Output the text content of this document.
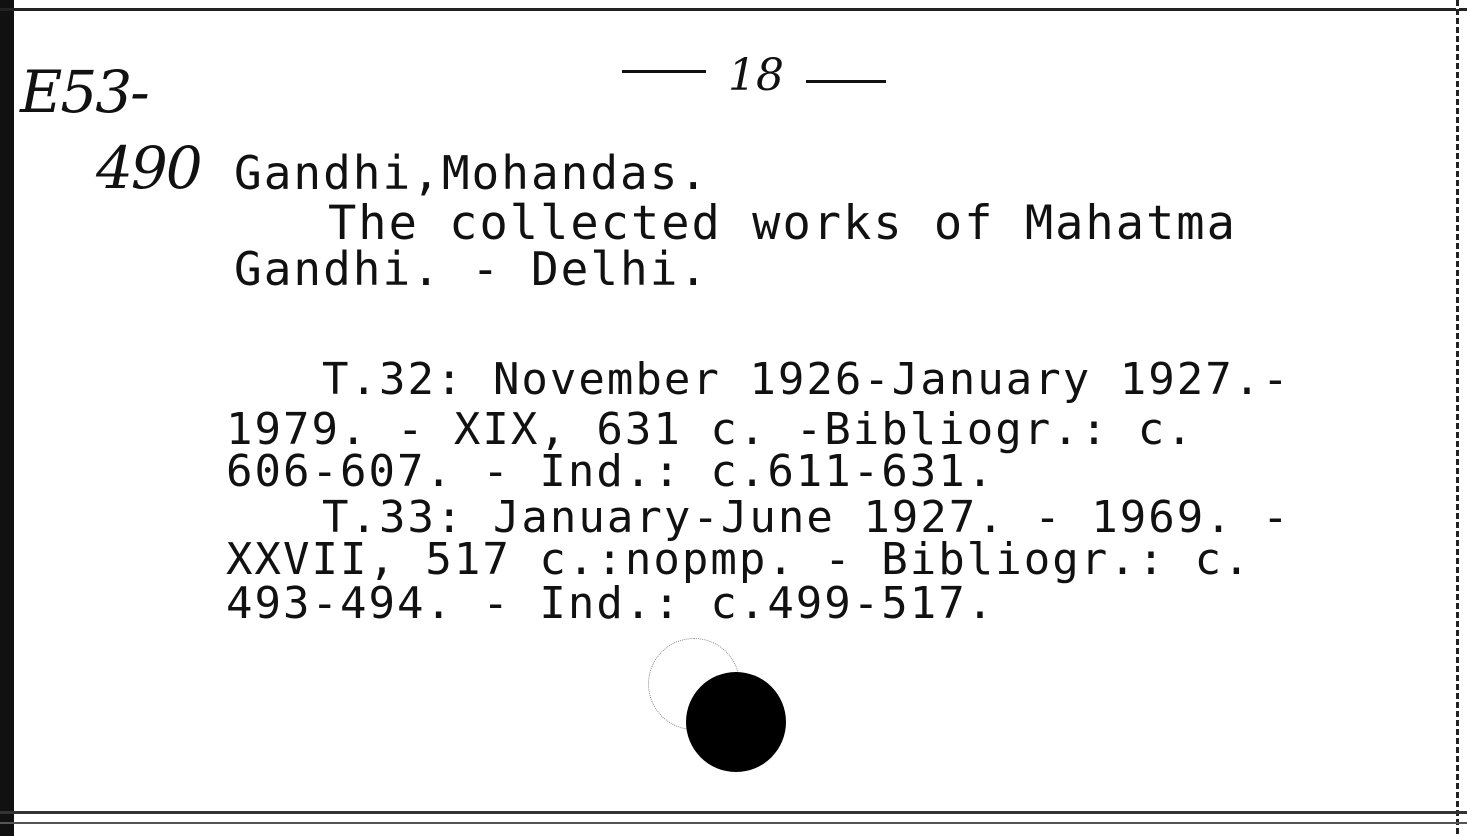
E53-
490
18
Gandhi,Mohandas.
The collected works of Mahatma
Gandhi. - Delhi.
T.32: November 1926-January 1927.-
1979. - XIX, 631 c. -Bibliogr.: c.
606-607. - Ind.: c.611-631.
T.33: January-June 1927. - 1969. -
XXVII, 517 c.:nopmp. - Bibliogr.: c.
493-494. - Ind.: c.499-517.
